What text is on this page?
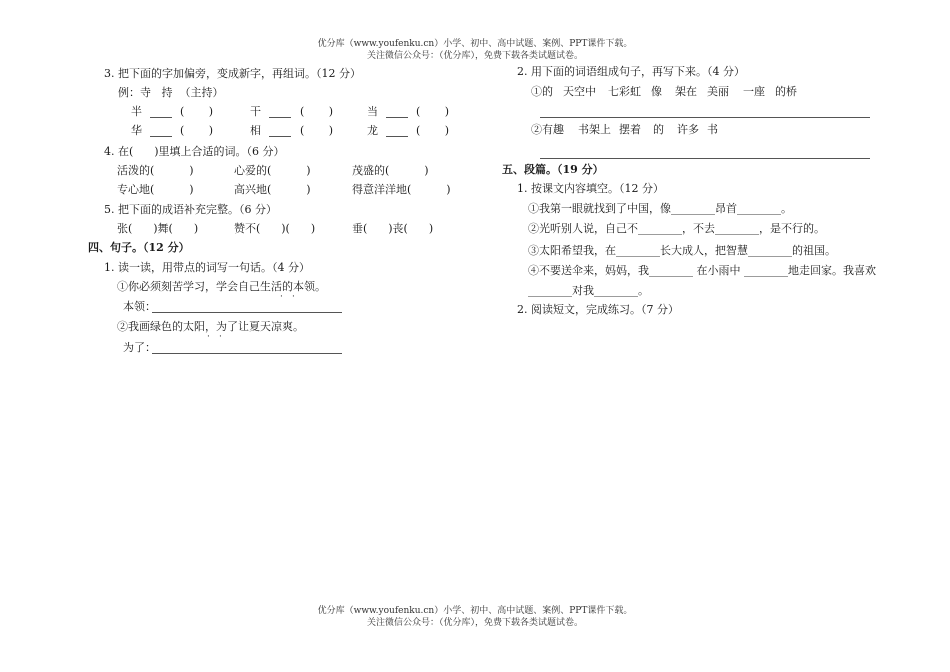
优分库（www.youfenku.cn）小学、初中、高中试题、案例、PPT课件下载。
关注微信公众号：（优分库），免费下载各类试题试卷。
3. 把下面的字加偏旁，变成新字，再组词。（12 分）
例：寺   持  （主持）
半	(       )	干	(       )	当	(       )
华	(       )	相	(       )	龙	(       )
4. 在(      )里填上合适的词。（6 分）
活泼的(          )	心爱的(          )	茂盛的(          )
专心地(          )	高兴地(          )	得意洋洋地(          )
5. 把下面的成语补充完整。（6 分）
张(      )舞(      )	赞不(      )(      )	垂(      )丧(      )
四、句子。（12 分）
1. 读一读，用带点的词写一句话。（4 分）
①你必须刻苦学习，学会自己生活的本领。
· ·
本领：
②我画绿色的太阳，为了让夏天凉爽。
· ·
为了：
2. 用下面的词语组成句子，再写下来。（4 分）
①的 天空中 七彩虹 像 架在 美丽 一座 的桥
②有趣 书架上 摆着 的 许多 书
五、段篇。（19 分）
1. 按课文内容填空。（12 分）
①我第一眼就找到了中国，像________昂首________。
②光听别人说，自己不________，不去________，是不行的。
③太阳希望我，在________长大成人，把智慧________的祖国。
④不要送伞来，妈妈，我________ 在小雨中 ________地走回家。我喜欢
________对我________。
2. 阅读短文，完成练习。（7 分）
优分库（www.youfenku.cn）小学、初中、高中试题、案例、PPT课件下载。
关注微信公众号：（优分库），免费下载各类试题试卷。
